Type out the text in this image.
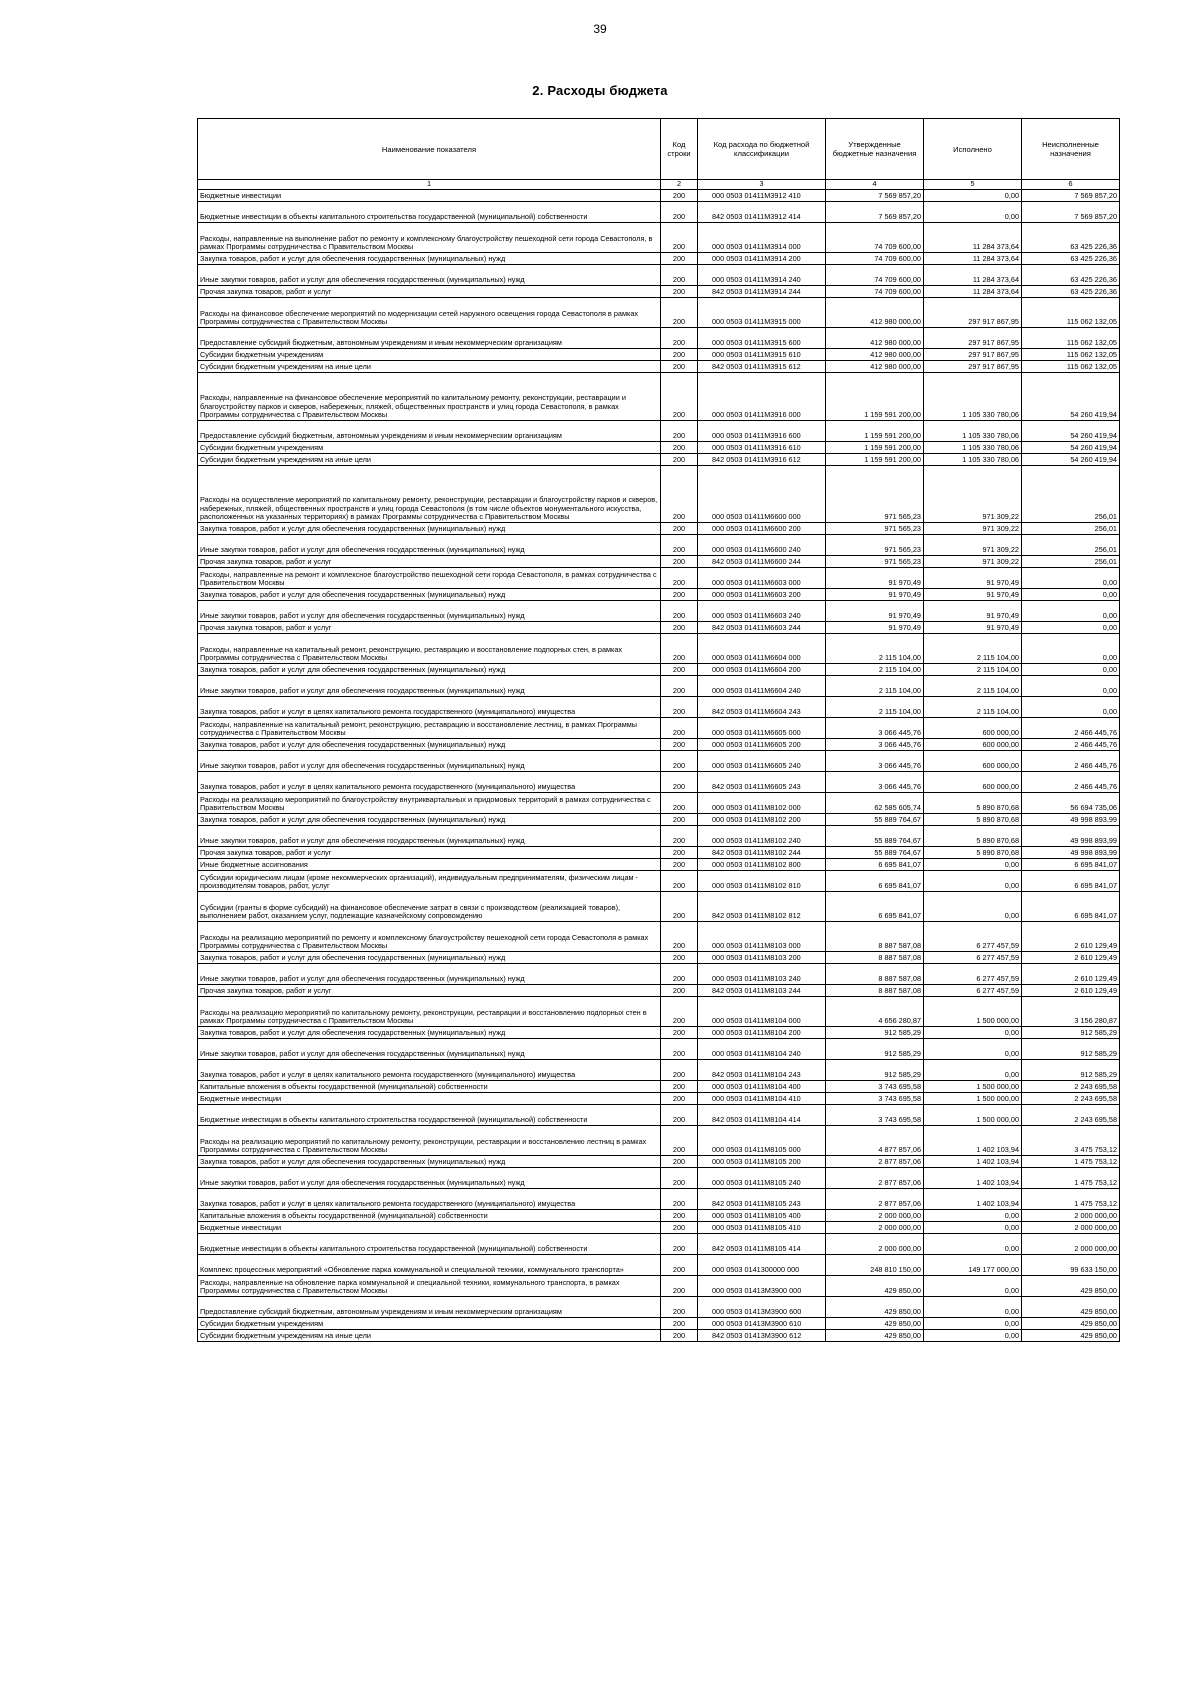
39
2. Расходы бюджета
Наименование показателя	Код строки	Код расхода по бюджетной классификации	Утвержденные бюджетные назначения	Исполнено	Неисполненные назначения
1	2	3	4	5	6
Бюджетные инвестиции	200	000 0503 01411M3912 410	7 569 857,20	0,00	7 569 857,20
Бюджетные инвестиции в объекты капитального строительства государственной (муниципальной) собственности	200	842 0503 01411M3912 414	7 569 857,20	0,00	7 569 857,20
Расходы, направленные на выполнение работ по ремонту и комплексному благоустройству пешеходной сети города Севастополя, в рамках Программы сотрудничества с Правительством Москвы	200	000 0503 01411M3914 000	74 709 600,00	11 284 373,64	63 425 226,36
Закупка товаров, работ и услуг для обеспечения государственных (муниципальных) нужд	200	000 0503 01411M3914 200	74 709 600,00	11 284 373,64	63 425 226,36
Иные закупки товаров, работ и услуг для обеспечения государственных (муниципальных) нужд	200	000 0503 01411M3914 240	74 709 600,00	11 284 373,64	63 425 226,36
Прочая закупка товаров, работ и услуг	200	842 0503 01411M3914 244	74 709 600,00	11 284 373,64	63 425 226,36
Расходы на финансовое обеспечение мероприятий по модернизации сетей наружного освещения города Севастополя в рамках Программы сотрудничества с Правительством Москвы	200	000 0503 01411M3915 000	412 980 000,00	297 917 867,95	115 062 132,05
Предоставление субсидий бюджетным, автономным учреждениям и иным некоммерческим организациям	200	000 0503 01411M3915 600	412 980 000,00	297 917 867,95	115 062 132,05
Субсидии бюджетным учреждениям	200	000 0503 01411M3915 610	412 980 000,00	297 917 867,95	115 062 132,05
Субсидии бюджетным учреждениям на иные цели	200	842 0503 01411M3915 612	412 980 000,00	297 917 867,95	115 062 132,05
Расходы, направленные на финансовое обеспечение мероприятий по капитальному ремонту, реконструкции, реставрации и благоустройству парков и скверов, набережных, пляжей, общественных пространств и улиц города Севастополя, в рамках Программы сотрудничества с Правительством Москвы	200	000 0503 01411M3916 000	1 159 591 200,00	1 105 330 780,06	54 260 419,94
Предоставление субсидий бюджетным, автономным учреждениям и иным некоммерческим организациям	200	000 0503 01411M3916 600	1 159 591 200,00	1 105 330 780,06	54 260 419,94
Субсидии бюджетным учреждениям	200	000 0503 01411M3916 610	1 159 591 200,00	1 105 330 780,06	54 260 419,94
Субсидии бюджетным учреждениям на иные цели	200	842 0503 01411M3916 612	1 159 591 200,00	1 105 330 780,06	54 260 419,94
Расходы на осуществление мероприятий по капитальному ремонту, реконструкции, реставрации и благоустройству парков и скверов, набережных, пляжей, общественных пространств и улиц города Севастополя (в том числе объектов монументального искусства, расположенных на указанных территориях) в рамках Программы сотрудничества с Правительством Москвы	200	000 0503 01411M6600 000	971 565,23	971 309,22	256,01
Закупка товаров, работ и услуг для обеспечения государственных (муниципальных) нужд	200	000 0503 01411M6600 200	971 565,23	971 309,22	256,01
Иные закупки товаров, работ и услуг для обеспечения государственных (муниципальных) нужд	200	000 0503 01411M6600 240	971 565,23	971 309,22	256,01
Прочая закупка товаров, работ и услуг	200	842 0503 01411M6600 244	971 565,23	971 309,22	256,01
Расходы, направленные на ремонт и комплексное благоустройство пешеходной сети города Севастополя, в рамках сотрудничества с Правительством Москвы	200	000 0503 01411M6603 000	91 970,49	91 970,49	0,00
Закупка товаров, работ и услуг для обеспечения государственных (муниципальных) нужд	200	000 0503 01411M6603 200	91 970,49	91 970,49	0,00
Иные закупки товаров, работ и услуг для обеспечения государственных (муниципальных) нужд	200	000 0503 01411M6603 240	91 970,49	91 970,49	0,00
Прочая закупка товаров, работ и услуг	200	842 0503 01411M6603 244	91 970,49	91 970,49	0,00
Расходы, направленные на капитальный ремонт, реконструкцию, реставрацию и восстановление подпорных стен, в рамках Программы сотрудничества с Правительством Москвы	200	000 0503 01411M6604 000	2 115 104,00	2 115 104,00	0,00
Закупка товаров, работ и услуг для обеспечения государственных (муниципальных) нужд	200	000 0503 01411M6604 200	2 115 104,00	2 115 104,00	0,00
Иные закупки товаров, работ и услуг для обеспечения государственных (муниципальных) нужд	200	000 0503 01411M6604 240	2 115 104,00	2 115 104,00	0,00
Закупка товаров, работ и услуг в целях капитального ремонта государственного (муниципального) имущества	200	842 0503 01411M6604 243	2 115 104,00	2 115 104,00	0,00
Расходы, направленные на капитальный ремонт, реконструкцию, реставрацию и восстановление лестниц, в рамках Программы сотрудничества с Правительством Москвы	200	000 0503 01411M6605 000	3 066 445,76	600 000,00	2 466 445,76
Закупка товаров, работ и услуг для обеспечения государственных (муниципальных) нужд	200	000 0503 01411M6605 200	3 066 445,76	600 000,00	2 466 445,76
Иные закупки товаров, работ и услуг для обеспечения государственных (муниципальных) нужд	200	000 0503 01411M6605 240	3 066 445,76	600 000,00	2 466 445,76
Закупка товаров, работ и услуг в целях капитального ремонта государственного (муниципального) имущества	200	842 0503 01411M6605 243	3 066 445,76	600 000,00	2 466 445,76
Расходы на реализацию мероприятий по благоустройству внутриквартальных и придомовых территорий в рамках сотрудничества с Правительством Москвы	200	000 0503 01411M8102 000	62 585 605,74	5 890 870,68	56 694 735,06
Закупка товаров, работ и услуг для обеспечения государственных (муниципальных) нужд	200	000 0503 01411M8102 200	55 889 764,67	5 890 870,68	49 998 893,99
Иные закупки товаров, работ и услуг для обеспечения государственных (муниципальных) нужд	200	000 0503 01411M8102 240	55 889 764,67	5 890 870,68	49 998 893,99
Прочая закупка товаров, работ и услуг	200	842 0503 01411M8102 244	55 889 764,67	5 890 870,68	49 998 893,99
Иные бюджетные ассигнования	200	000 0503 01411M8102 800	6 695 841,07	0,00	6 695 841,07
Субсидии юридическим лицам (кроме некоммерческих организаций), индивидуальным предпринимателям, физическим лицам - производителям товаров, работ, услуг	200	000 0503 01411M8102 810	6 695 841,07	0,00	6 695 841,07
Субсидии (гранты в форме субсидий) на финансовое обеспечение затрат в связи с производством (реализацией товаров), выполнением работ, оказанием услуг, подлежащие казначейскому сопровождению	200	842 0503 01411M8102 812	6 695 841,07	0,00	6 695 841,07
Расходы на реализацию мероприятий по ремонту и комплексному благоустройству пешеходной сети города Севастополя в рамках Программы сотрудничества с Правительством Москвы	200	000 0503 01411M8103 000	8 887 587,08	6 277 457,59	2 610 129,49
Закупка товаров, работ и услуг для обеспечения государственных (муниципальных) нужд	200	000 0503 01411M8103 200	8 887 587,08	6 277 457,59	2 610 129,49
Иные закупки товаров, работ и услуг для обеспечения государственных (муниципальных) нужд	200	000 0503 01411M8103 240	8 887 587,08	6 277 457,59	2 610 129,49
Прочая закупка товаров, работ и услуг	200	842 0503 01411M8103 244	8 887 587,08	6 277 457,59	2 610 129,49
Расходы на реализацию мероприятий по капитальному ремонту, реконструкции, реставрации и восстановлению подпорных стен в рамках Программы сотрудничества с Правительством Москвы	200	000 0503 01411M8104 000	4 656 280,87	1 500 000,00	3 156 280,87
Закупка товаров, работ и услуг для обеспечения государственных (муниципальных) нужд	200	000 0503 01411M8104 200	912 585,29	0,00	912 585,29
Иные закупки товаров, работ и услуг для обеспечения государственных (муниципальных) нужд	200	000 0503 01411M8104 240	912 585,29	0,00	912 585,29
Закупка товаров, работ и услуг в целях капитального ремонта государственного (муниципального) имущества	200	842 0503 01411M8104 243	912 585,29	0,00	912 585,29
Капитальные вложения в объекты государственной (муниципальной) собственности	200	000 0503 01411M8104 400	3 743 695,58	1 500 000,00	2 243 695,58
Бюджетные инвестиции	200	000 0503 01411M8104 410	3 743 695,58	1 500 000,00	2 243 695,58
Бюджетные инвестиции в объекты капитального строительства государственной (муниципальной) собственности	200	842 0503 01411M8104 414	3 743 695,58	1 500 000,00	2 243 695,58
Расходы на реализацию мероприятий по капитальному ремонту, реконструкции, реставрации и восстановлению лестниц в рамках Программы сотрудничества с Правительством Москвы	200	000 0503 01411M8105 000	4 877 857,06	1 402 103,94	3 475 753,12
Закупка товаров, работ и услуг для обеспечения государственных (муниципальных) нужд	200	000 0503 01411M8105 200	2 877 857,06	1 402 103,94	1 475 753,12
Иные закупки товаров, работ и услуг для обеспечения государственных (муниципальных) нужд	200	000 0503 01411M8105 240	2 877 857,06	1 402 103,94	1 475 753,12
Закупка товаров, работ и услуг в целях капитального ремонта государственного (муниципального) имущества	200	842 0503 01411M8105 243	2 877 857,06	1 402 103,94	1 475 753,12
Капитальные вложения в объекты государственной (муниципальной) собственности	200	000 0503 01411M8105 400	2 000 000,00	0,00	2 000 000,00
Бюджетные инвестиции	200	000 0503 01411M8105 410	2 000 000,00	0,00	2 000 000,00
Бюджетные инвестиции в объекты капитального строительства государственной (муниципальной) собственности	200	842 0503 01411M8105 414	2 000 000,00	0,00	2 000 000,00
Комплекс процессных мероприятий «Обновление парка коммунальной и специальной техники, коммунального транспорта»	200	000 0503 0141300000 000	248 810 150,00	149 177 000,00	99 633 150,00
Расходы, направленные на обновление парка коммунальной и специальной техники, коммунального транспорта, в рамках Программы сотрудничества с Правительством Москвы	200	000 0503 01413M3900 000	429 850,00	0,00	429 850,00
Предоставление субсидий бюджетным, автономным учреждениям и иным некоммерческим организациям	200	000 0503 01413M3900 600	429 850,00	0,00	429 850,00
Субсидии бюджетным учреждениям	200	000 0503 01413M3900 610	429 850,00	0,00	429 850,00
Субсидии бюджетным учреждениям на иные цели	200	842 0503 01413M3900 612	429 850,00	0,00	429 850,00
